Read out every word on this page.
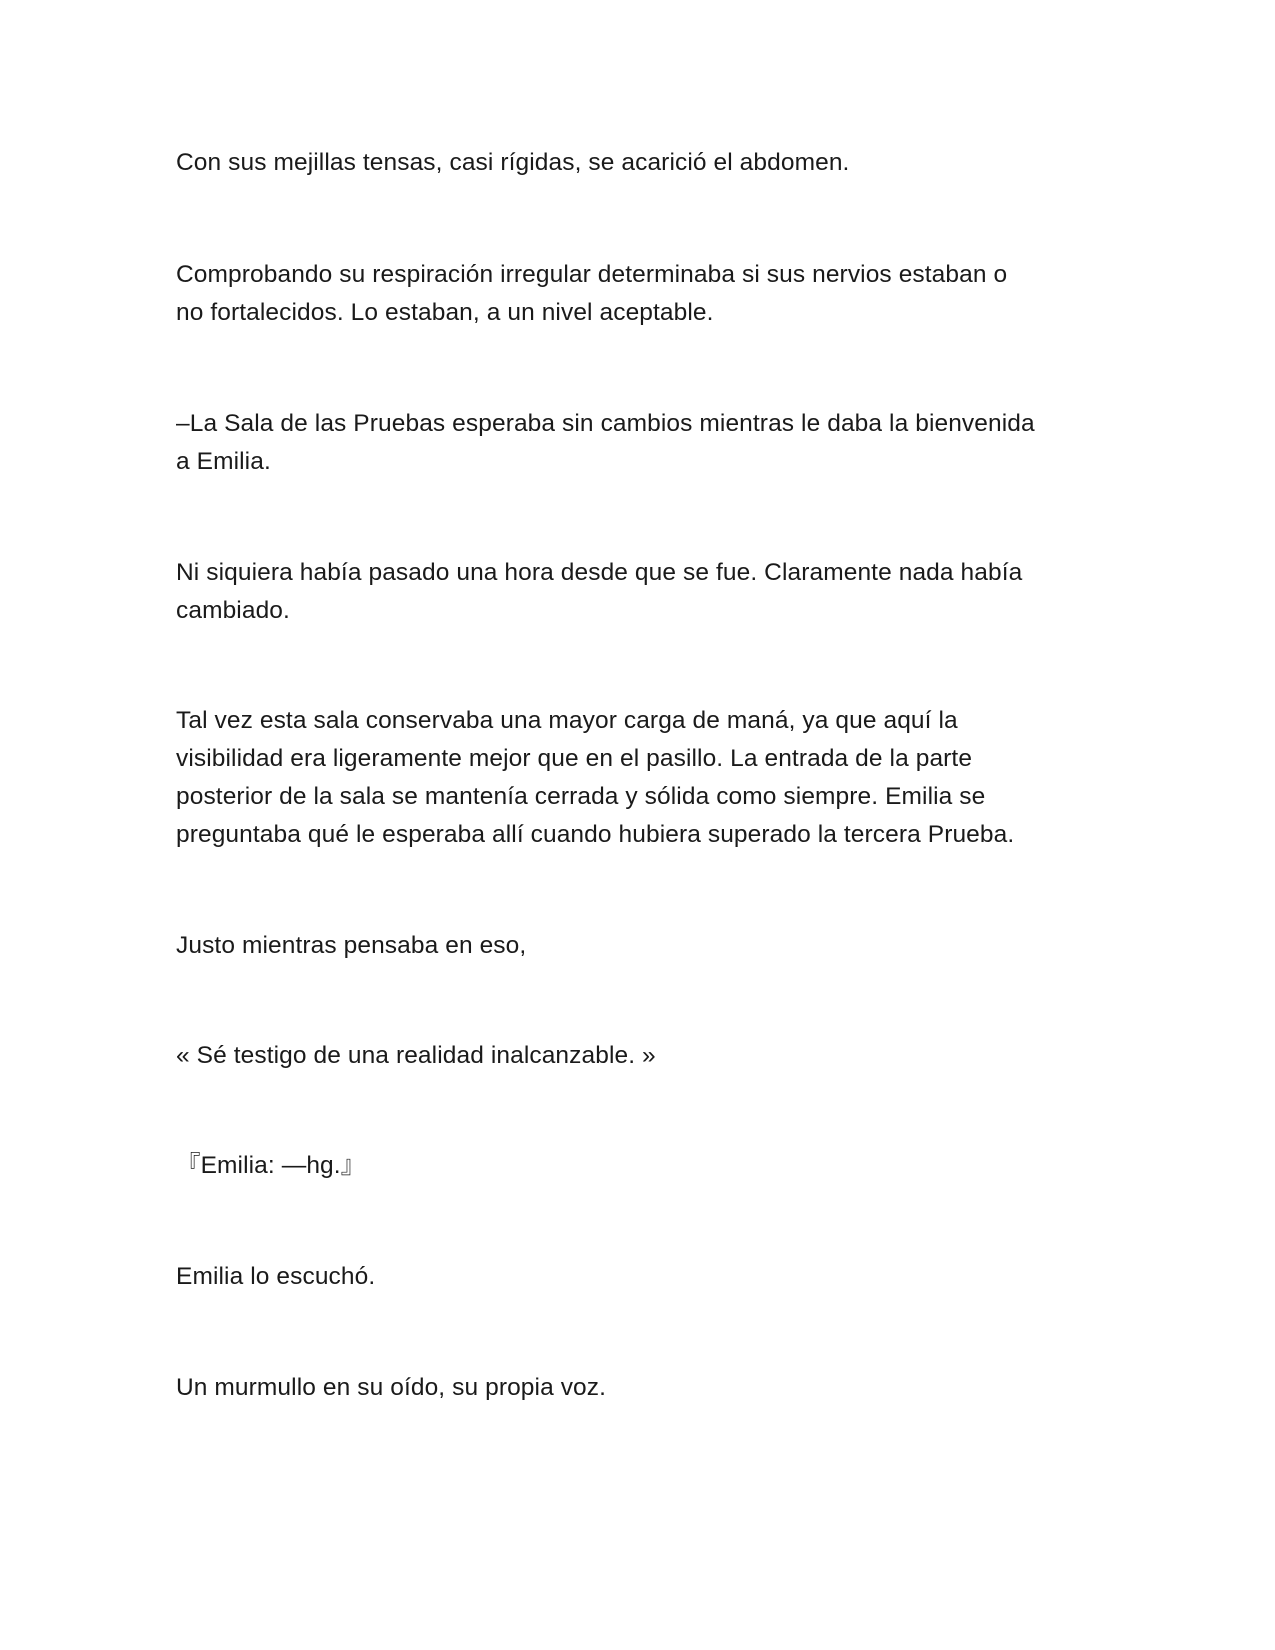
Con sus mejillas tensas, casi rígidas, se acarició el abdomen.

Comprobando su respiración irregular determinaba si sus nervios estaban o
no fortalecidos. Lo estaban, a un nivel aceptable.

–La Sala de las Pruebas esperaba sin cambios mientras le daba la bienvenida
a Emilia.

Ni siquiera había pasado una hora desde que se fue. Claramente nada había
cambiado.

Tal vez esta sala conservaba una mayor carga de maná, ya que aquí la
visibilidad era ligeramente mejor que en el pasillo. La entrada de la parte
posterior de la sala se mantenía cerrada y sólida como siempre. Emilia se
preguntaba qué le esperaba allí cuando hubiera superado la tercera Prueba.

Justo mientras pensaba en eso,

« Sé testigo de una realidad inalcanzable. »

『Emilia: —hg.』

Emilia lo escuchó.

Un murmullo en su oído, su propia voz.
